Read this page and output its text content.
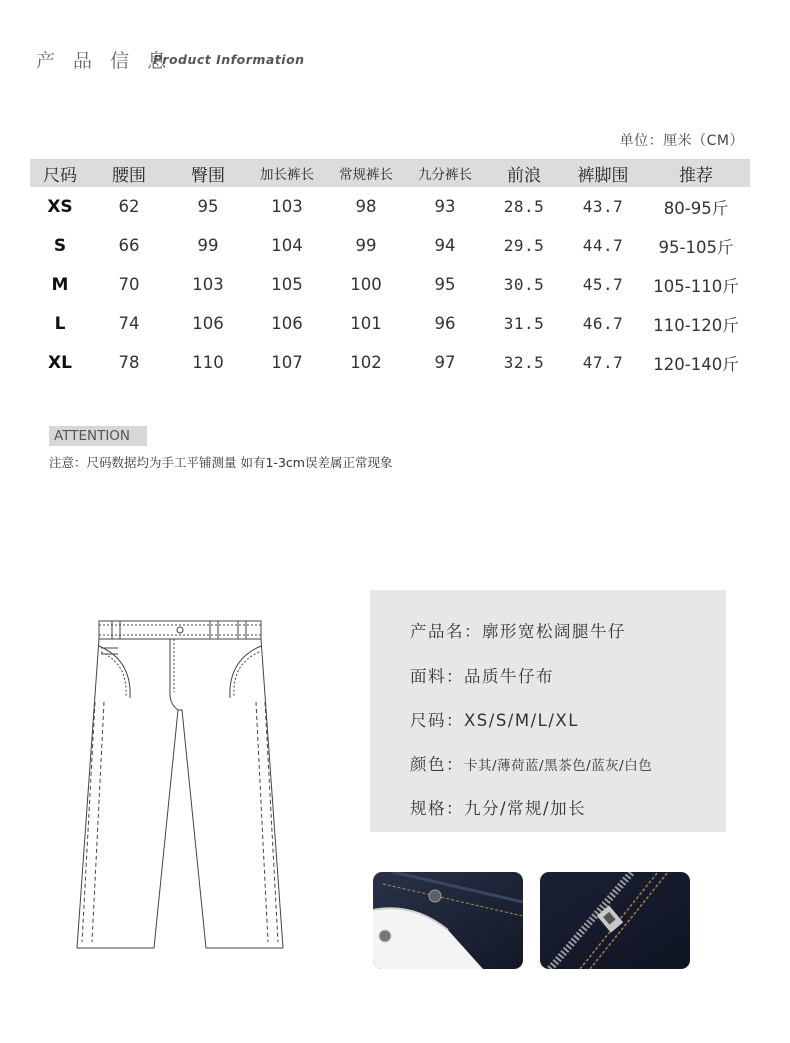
产 品 信 息
Product Information
单位：厘米（CM）
尺码	腰围	臀围	加长裤长	常规裤长	九分裤长	前浪	裤脚围	推荐
XS	62	95	103	98	93	28.5	43.7	80-95斤
S	66	99	104	99	94	29.5	44.7	95-105斤
M	70	103	105	100	95	30.5	45.7	105-110斤
L	74	106	106	101	96	31.5	46.7	110-120斤
XL	78	110	107	102	97	32.5	47.7	120-140斤
ATTENTION
注意：尺码数据均为手工平铺测量 如有1-3cm误差属正常现象
产品名：廓形宽松阔腿牛仔
面料：品质牛仔布
尺码：XS/S/M/L/XL
颜色：卡其/薄荷蓝/黑茶色/蓝灰/白色
规格：九分/常规/加长
